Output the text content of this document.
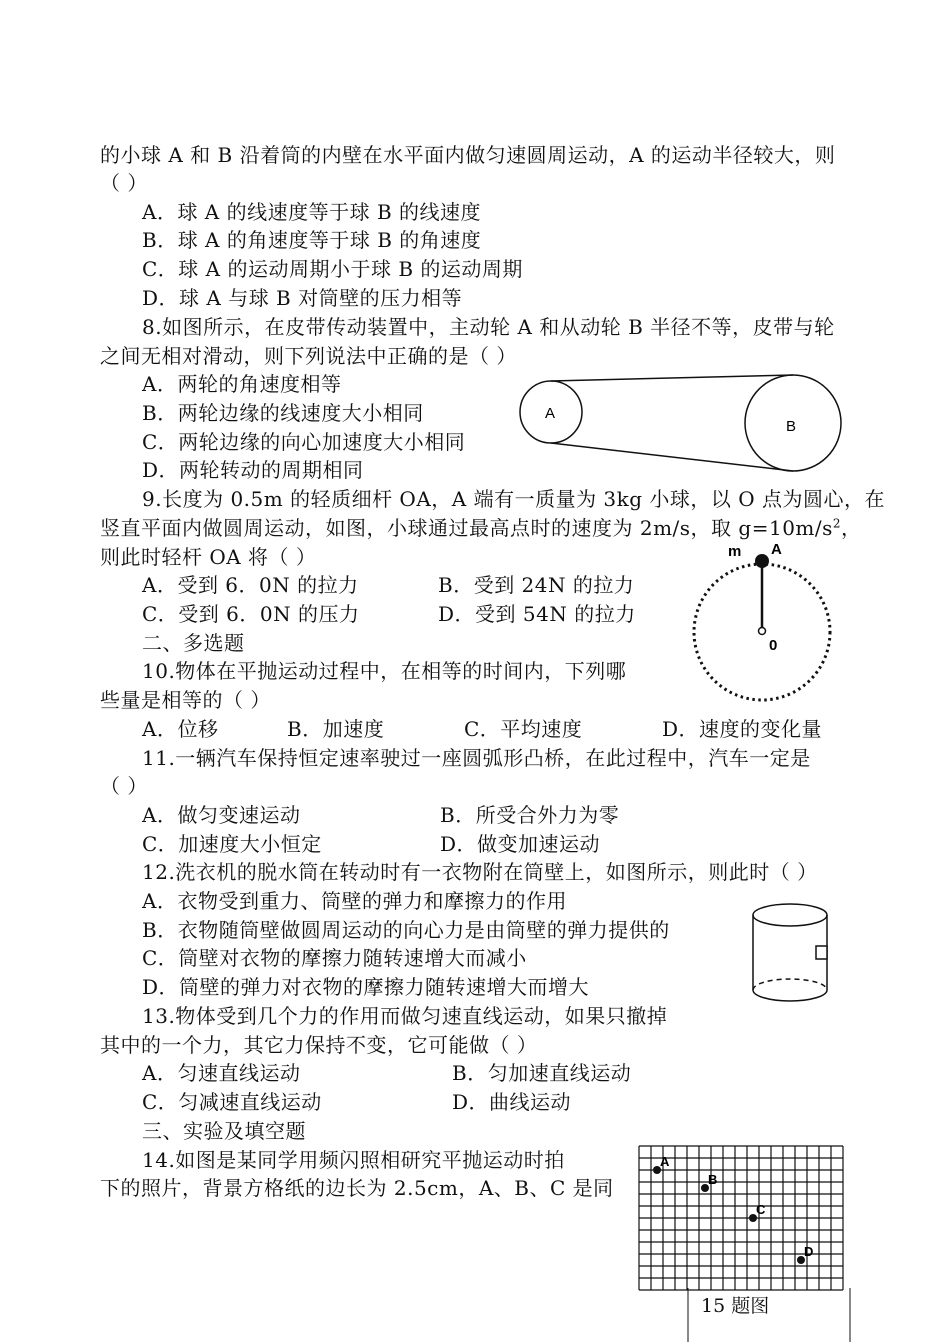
的小球 A 和 B 沿着筒的内壁在水平面内做匀速圆周运动，A 的运动半径较大，则
（ ）
A．球 A 的线速度等于球 B 的线速度
B．球 A 的角速度等于球 B 的角速度
C．球 A 的运动周期小于球 B 的运动周期
D．球 A 与球 B 对筒壁的压力相等
8.如图所示，在皮带传动装置中，主动轮 A 和从动轮 B 半径不等，皮带与轮
之间无相对滑动，则下列说法中正确的是（ ）
A．两轮的角速度相等
B．两轮边缘的线速度大小相同
C．两轮边缘的向心加速度大小相同
D．两轮转动的周期相同
A
B
9.长度为 0.5m 的轻质细杆 OA，A 端有一质量为 3kg 小球，以 O 点为圆心，在
竖直平面内做圆周运动，如图，小球通过最高点时的速度为 2m/s，取 $g=10m/s^2$，
则此时轻杆 OA 将（ ）
A．受到 6．0N 的拉力	B．受到 24N 的拉力
C．受到 6．0N 的压力	D．受到 54N 的拉力
m A
0
二、多选题
10.物体在平抛运动过程中，在相等的时间内，下列哪
些量是相等的（ ）
A．位移	B．加速度	C．平均速度	D．速度的变化量
11.一辆汽车保持恒定速率驶过一座圆弧形凸桥，在此过程中，汽车一定是
（ ）
A．做匀变速运动	B．所受合外力为零
C．加速度大小恒定	D．做变加速运动
12.洗衣机的脱水筒在转动时有一衣物附在筒壁上，如图所示，则此时（ ）
A．衣物受到重力、筒壁的弹力和摩擦力的作用
B．衣物随筒壁做圆周运动的向心力是由筒壁的弹力提供的
C．筒壁对衣物的摩擦力随转速增大而减小
D．筒壁的弹力对衣物的摩擦力随转速增大而增大
13.物体受到几个力的作用而做匀速直线运动，如果只撤掉
其中的一个力，其它力保持不变，它可能做（ ）
A．匀速直线运动	B．匀加速直线运动
C．匀减速直线运动	D．曲线运动
三、实验及填空题
14.如图是某同学用频闪照相研究平抛运动时拍
下的照片，背景方格纸的边长为 2.5cm，A、B、C 是同
A
B
C
D
15 题图
